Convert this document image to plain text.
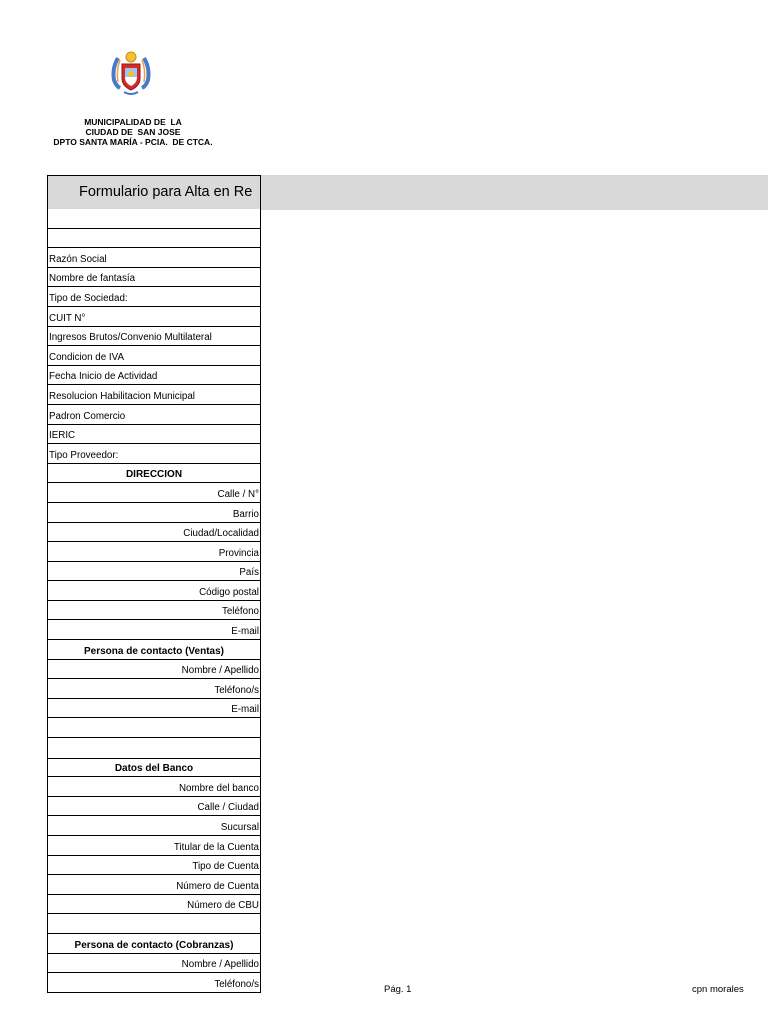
MUNICIPALIDAD DE  LA
CIUDAD DE  SAN JOSE
DPTO SANTA MARÍA - PCIA.  DE CTCA.
Formulario para Alta en Re
Razón Social
Nombre de fantasía
Tipo de Sociedad:
CUIT N°
Ingresos Brutos/Convenio Multilateral
Condicion de IVA
Fecha Inicio de Actividad
Resolucion Habilitacion Municipal
Padron Comercio
IERIC
Tipo Proveedor:
DIRECCION
Calle / N°
Barrio
Ciudad/Localidad
Provincia
País
Código postal
Teléfono
E-mail
Persona de contacto (Ventas)
Nombre / Apellido
Teléfono/s
E-mail
Datos del Banco
Nombre del banco
Calle / Ciudad
Sucursal
Titular de la Cuenta
Tipo de Cuenta
Número de Cuenta
Número de CBU
Persona de contacto (Cobranzas)
Nombre / Apellido
Teléfono/s	Pág. 1	cpn morales
